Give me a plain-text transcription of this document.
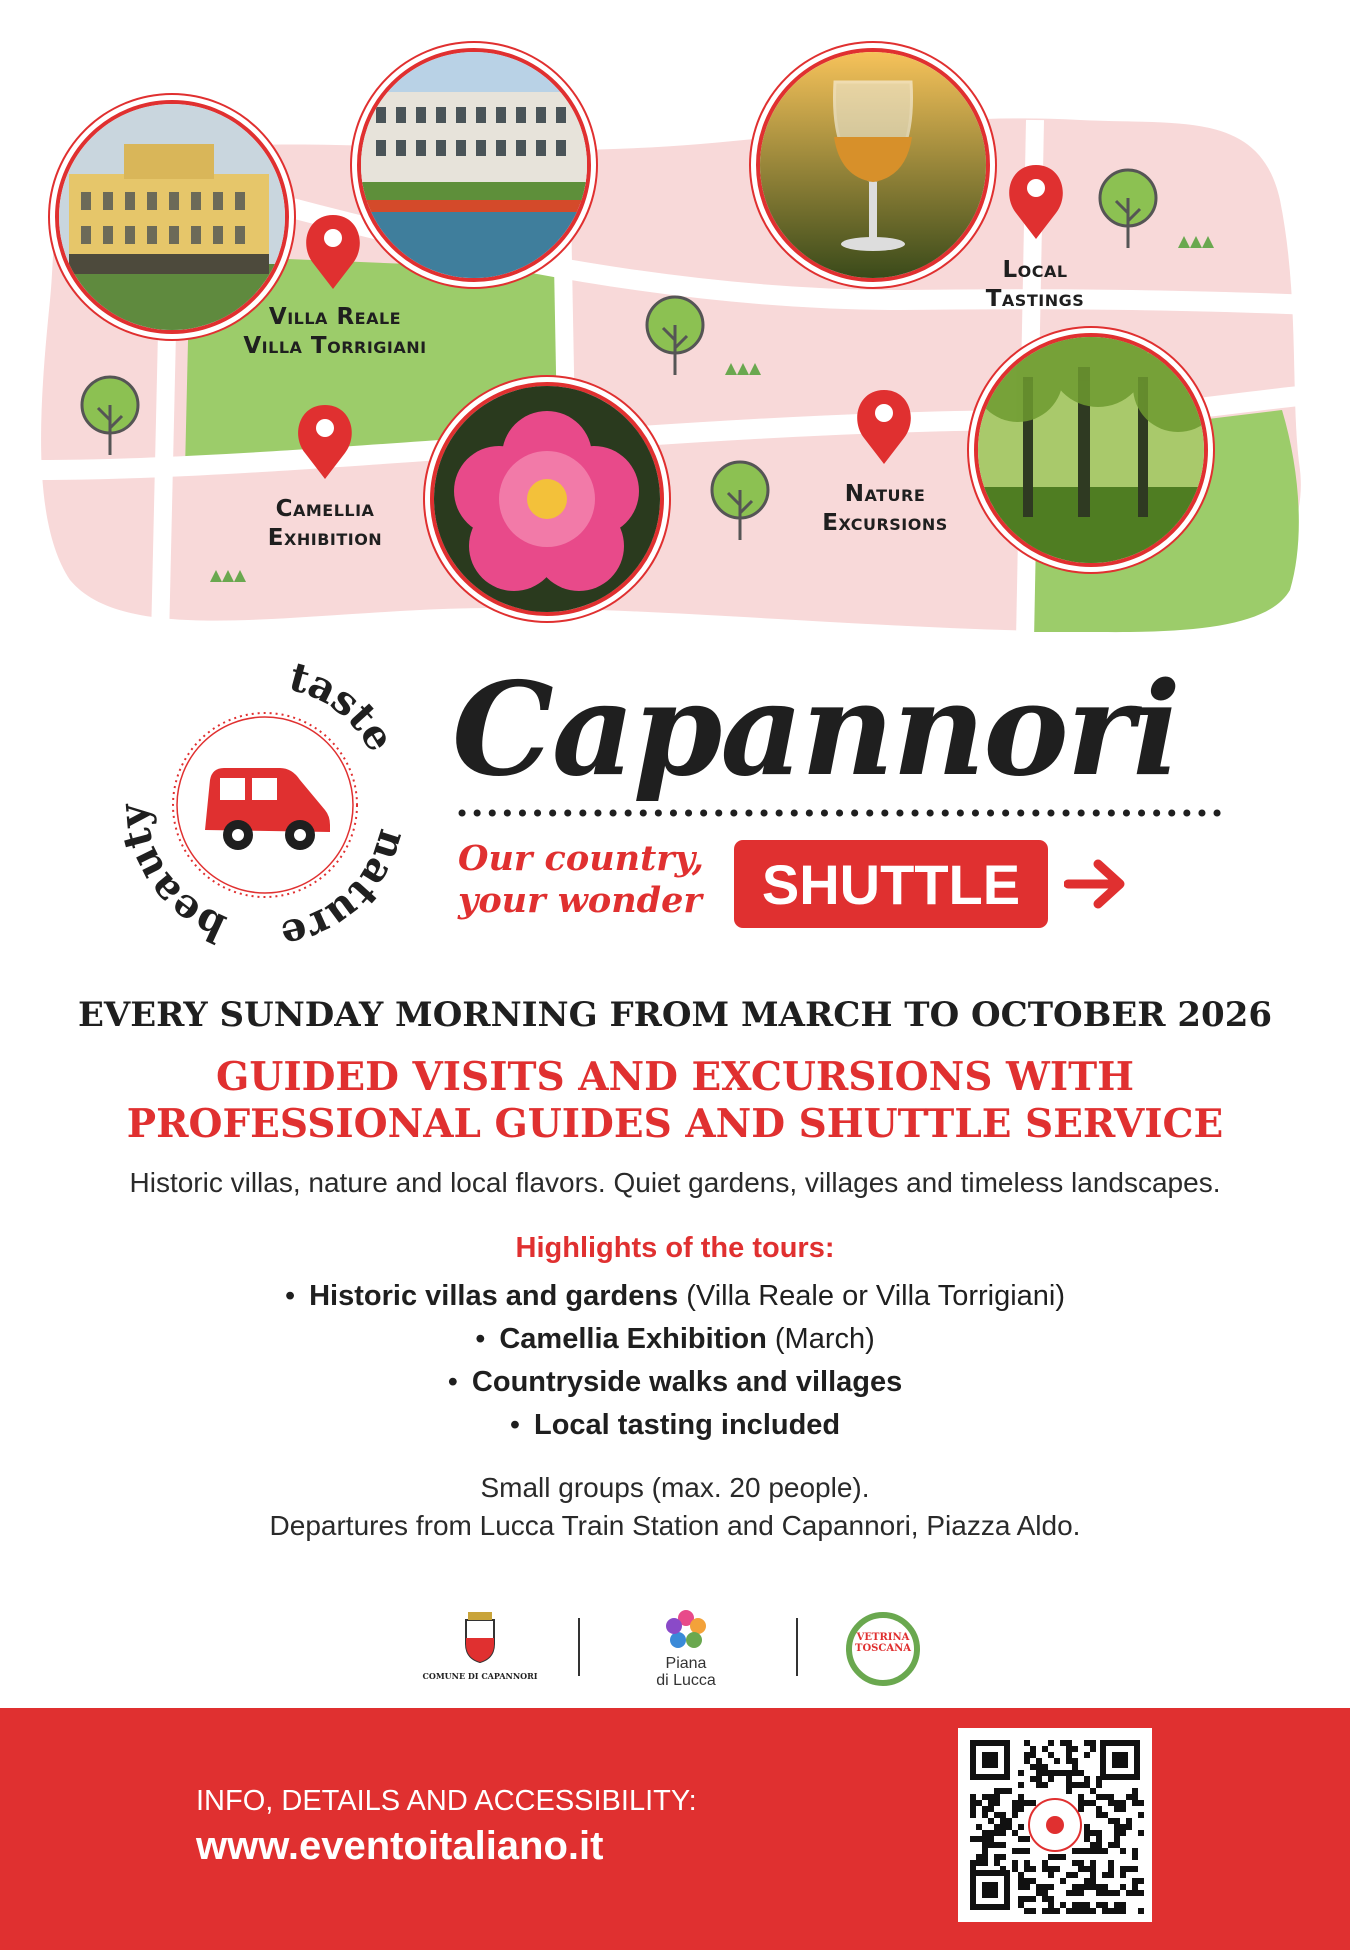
Villa Reale
Villa Torrigiani
Local
Tastings
Camellia
Exhibition
Nature
Excursions
taste
ature
beau
Capannori
Our country,
your wonder	SHUTTLE
EVERY SUNDAY MORNING FROM MARCH TO OCTOBER 2026
GUIDED VISITS AND EXCURSIONS WITH
PROFESSIONAL GUIDES AND SHUTTLE SERVICE
Historic villas, nature and local flavors. Quiet gardens, villages and timeless landscapes.
Highlights of the tours:
• Historic villas and gardens (Villa Reale or Villa Torrigiani)
• Camellia Exhibition (March)
• Countryside walks and villages
• Local tasting included
Small groups (max. 20 people).
Departures from Lucca Train Station and Capannori, Piazza Aldo.
COMUNE DI CAPANNORI
Piana
di Lucca
VETRINA
TOSCANA
INFO, DETAILS AND ACCESSIBILITY:
www.eventoitaliano.it
